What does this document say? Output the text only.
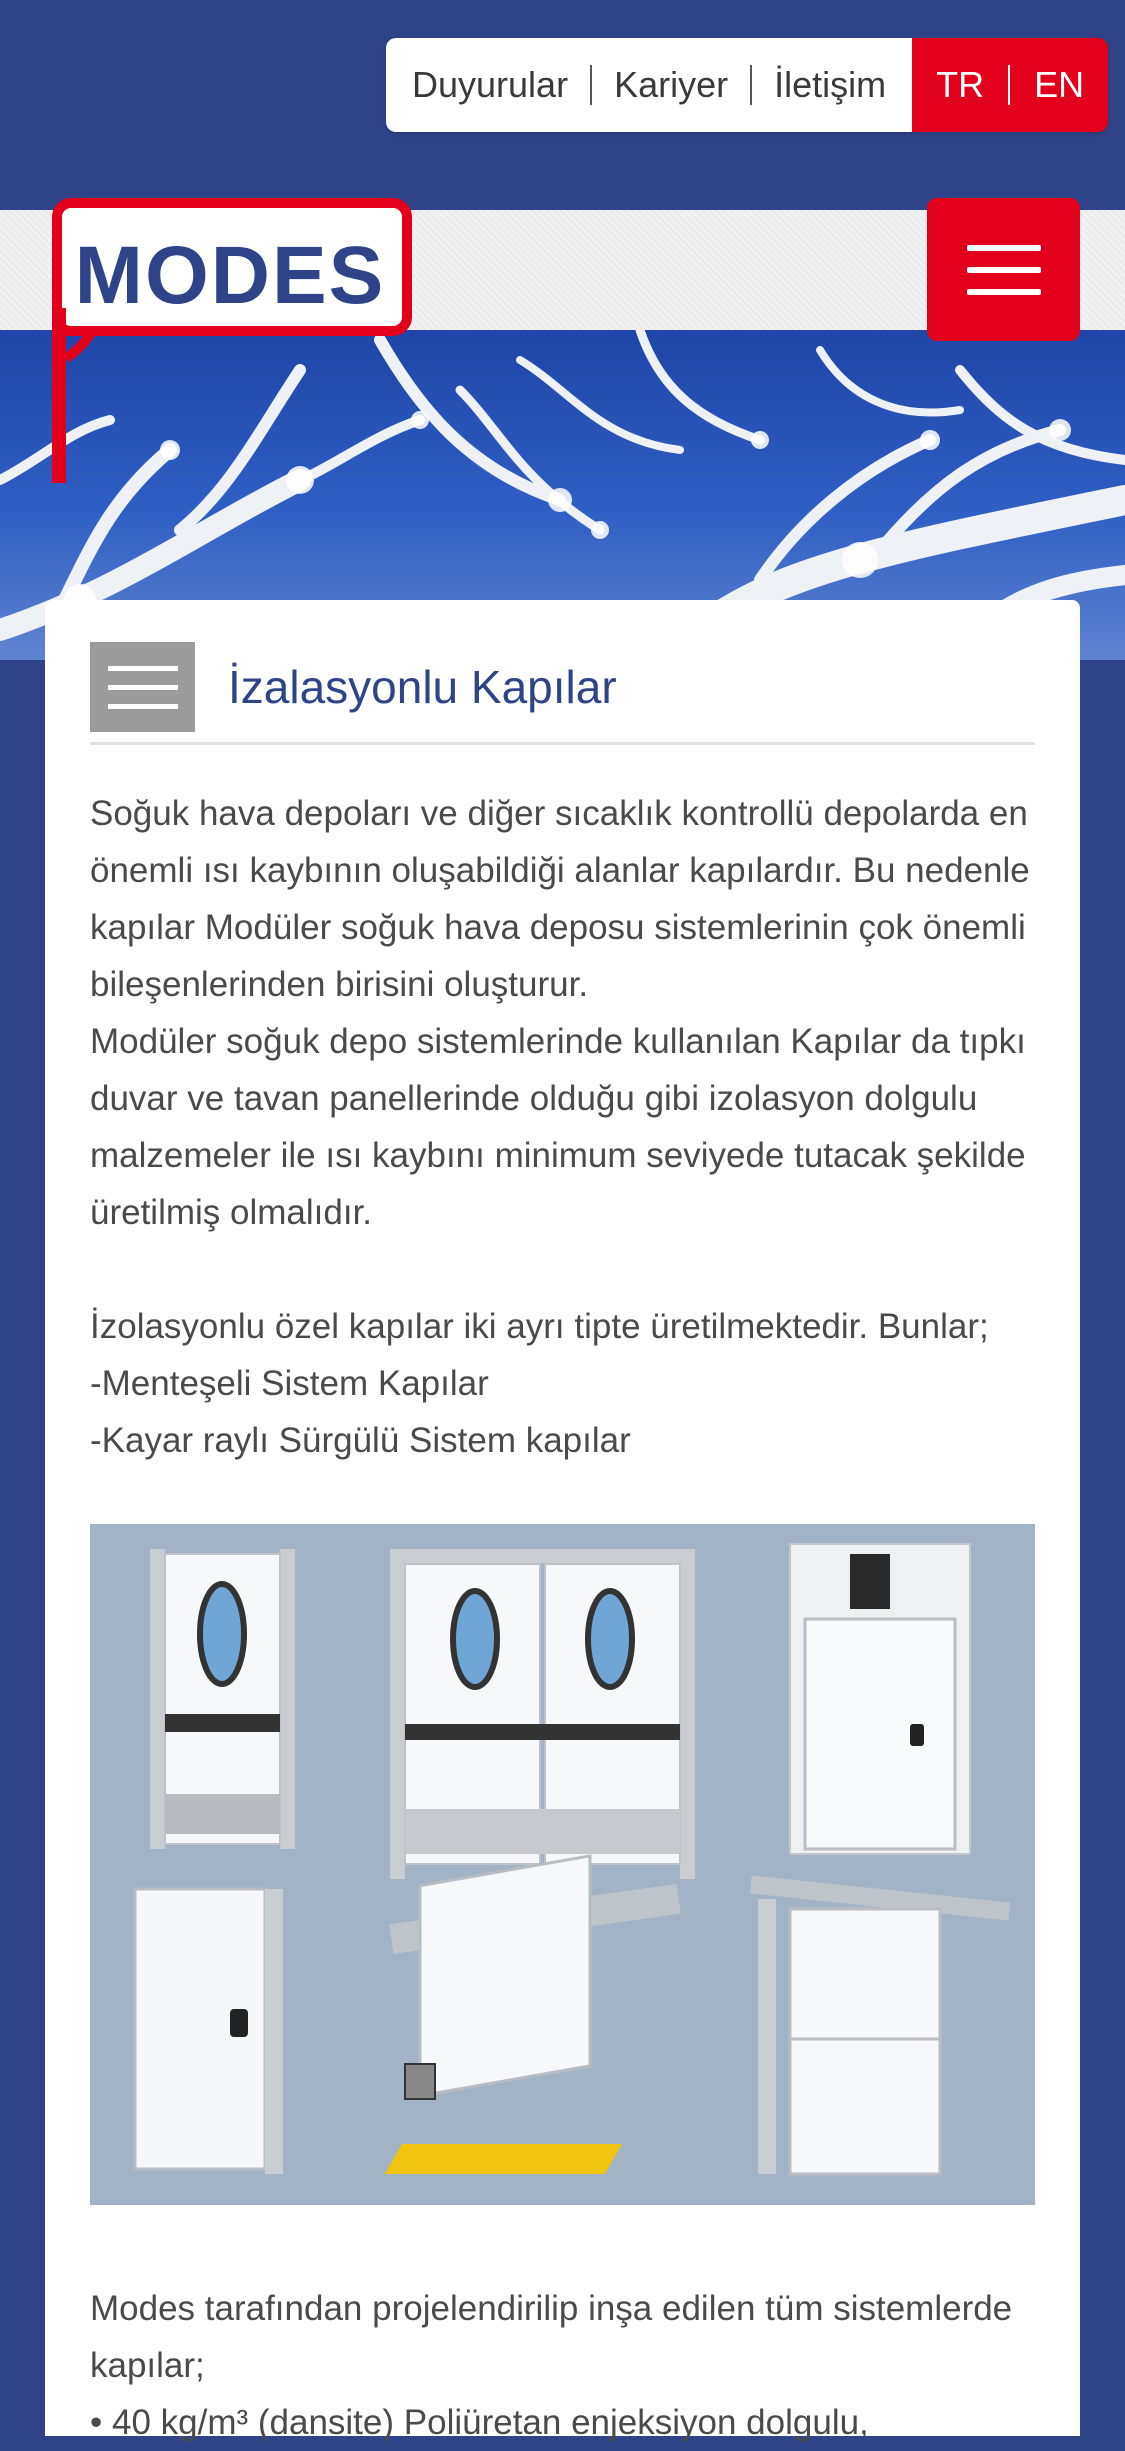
Duyurular	Kariyer	İletişim TR	EN
MODES
İzalasyonlu Kapılar

Soğuk hava depoları ve diğer sıcaklık kontrollü depolarda en önemli ısı kaybının oluşabildiği alanlar kapılardır. Bu nedenle kapılar Modüler soğuk hava deposu sistemlerinin çok önemli bileşenlerinden birisini oluşturur.

Modüler soğuk depo sistemlerinde kullanılan Kapılar da tıpkı duvar ve tavan panellerinde olduğu gibi izolasyon dolgulu malzemeler ile ısı kaybını minimum seviyede tutacak şekilde üretilmiş olmalıdır.

İzolasyonlu özel kapılar iki ayrı tipte üretilmektedir. Bunlar;

-Menteşeli Sistem Kapılar

-Kayar raylı Sürgülü Sistem kapılar

Modes tarafından projelendirilip inşa edilen tüm sistemlerde kapılar;

• 40 kg/m³ (dansite) Poliüretan enjeksiyon dolgulu,
